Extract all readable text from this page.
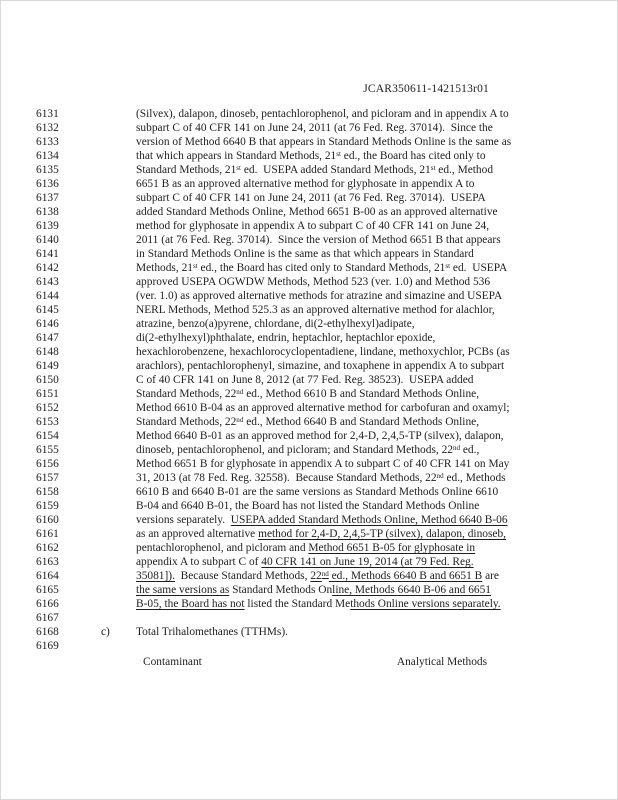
JCAR350611-1421513r01
6131	(Silvex), dalapon, dinoseb, pentachlorophenol, and picloram and in appendix A to
6132	subpart C of 40 CFR 141 on June 24, 2011 (at 76 Fed. Reg. 37014).  Since the
6133	version of Method 6640 B that appears in Standard Methods Online is the same as
6134	that which appears in Standard Methods, 21st ed., the Board has cited only to
6135	Standard Methods, 21st ed.  USEPA added Standard Methods, 21st ed., Method
6136	6651 B as an approved alternative method for glyphosate in appendix A to
6137	subpart C of 40 CFR 141 on June 24, 2011 (at 76 Fed. Reg. 37014).  USEPA
6138	added Standard Methods Online, Method 6651 B-00 as an approved alternative
6139	method for glyphosate in appendix A to subpart C of 40 CFR 141 on June 24,
6140	2011 (at 76 Fed. Reg. 37014).  Since the version of Method 6651 B that appears
6141	in Standard Methods Online is the same as that which appears in Standard
6142	Methods, 21st ed., the Board has cited only to Standard Methods, 21st ed.  USEPA
6143	approved USEPA OGWDW Methods, Method 523 (ver. 1.0) and Method 536
6144	(ver. 1.0) as approved alternative methods for atrazine and simazine and USEPA
6145	NERL Methods, Method 525.3 as an approved alternative method for alachlor,
6146	atrazine, benzo(a)pyrene, chlordane, di(2-ethylhexyl)adipate,
6147	di(2-ethylhexyl)phthalate, endrin, heptachlor, heptachlor epoxide,
6148	hexachlorobenzene, hexachlorocyclopentadiene, lindane, methoxychlor, PCBs (as
6149	arachlors), pentachlorophenyl, simazine, and toxaphene in appendix A to subpart
6150	C of 40 CFR 141 on June 8, 2012 (at 77 Fed. Reg. 38523).  USEPA added
6151	Standard Methods, 22nd ed., Method 6610 B and Standard Methods Online,
6152	Method 6610 B-04 as an approved alternative method for carbofuran and oxamyl;
6153	Standard Methods, 22nd ed., Method 6640 B and Standard Methods Online,
6154	Method 6640 B-01 as an approved method for 2,4-D, 2,4,5-TP (silvex), dalapon,
6155	dinoseb, pentachlorophenol, and picloram; and Standard Methods, 22nd ed.,
6156	Method 6651 B for glyphosate in appendix A to subpart C of 40 CFR 141 on May
6157	31, 2013 (at 78 Fed. Reg. 32558).  Because Standard Methods, 22nd ed., Methods
6158	6610 B and 6640 B-01 are the same versions as Standard Methods Online 6610
6159	B-04 and 6640 B-01, the Board has not listed the Standard Methods Online
6160	versions separately.  USEPA added Standard Methods Online, Method 6640 B-06
6161	as an approved alternative method for 2,4-D, 2,4,5-TP (silvex), dalapon, dinoseb,
6162	pentachlorophenol, and picloram and Method 6651 B-05 for glyphosate in
6163	appendix A to subpart C of 40 CFR 141 on June 19, 2014 (at 79 Fed. Reg.
6164	35081]).  Because Standard Methods, 22nd ed., Methods 6640 B and 6651 B are
6165	the same versions as Standard Methods Online, Methods 6640 B-06 and 6651
6166	B-05, the Board has not listed the Standard Methods Online versions separately.
6167
6168	c) Total Trihalomethanes (TTHMs).
6169
Contaminant	Analytical Methods
